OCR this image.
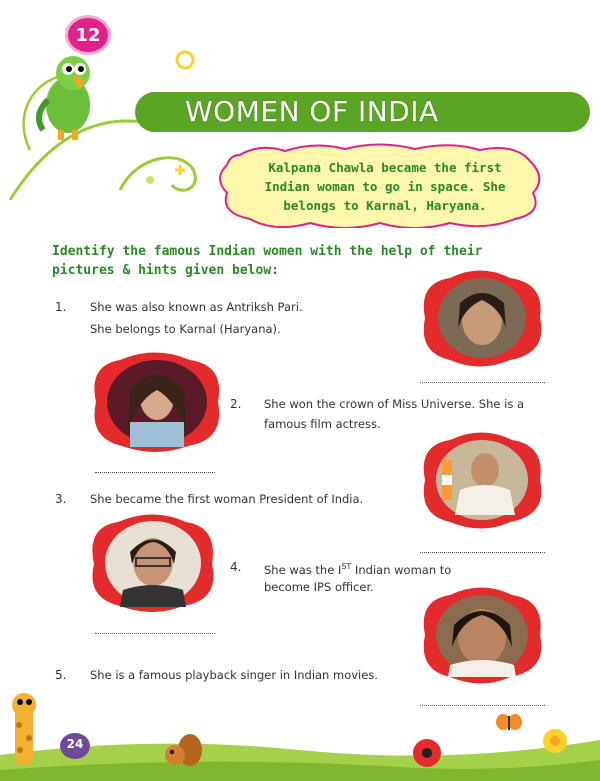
12
WOMEN OF INDIA
Kalpana Chawla became the first Indian woman to go in space. She belongs to Karnal, Haryana.
Identify the famous Indian women with the help of their pictures & hints given below:
1. She was also known as Antriksh Pari.
She belongs to Karnal (Haryana).
2. She won the crown of Miss Universe. She is a
famous film actress.
3. She became the first woman President of India.
4. She was the IST Indian woman to
become IPS officer.
5. She is a famous playback singer in Indian movies.
24
